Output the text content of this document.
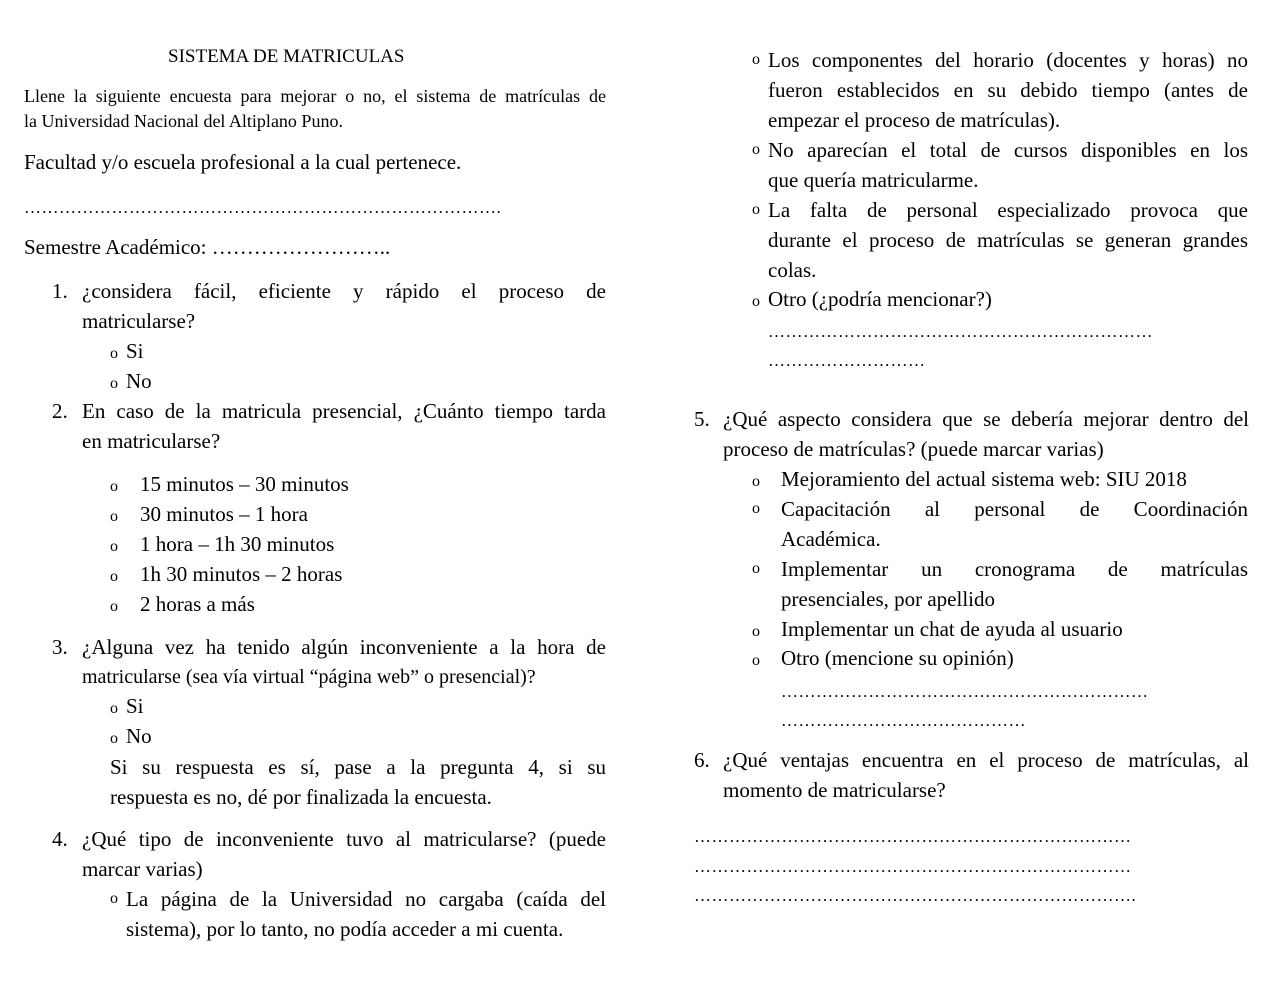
SISTEMA DE MATRICULAS
Llene la siguiente encuesta para mejorar o no, el sistema de matrículas de
la Universidad Nacional del Altiplano Puno.
Facultad y/o escuela profesional a la cual pertenece.
……………………………………………………………………….
Semestre Académico: ……………………..
1. ¿considera fácil, eficiente y rápido el proceso de
matricularse?
o Si
o No
2. En caso de la matricula presencial, ¿Cuánto tiempo tarda
en matricularse?
o 15 minutos – 30 minutos
o 30 minutos – 1 hora
o 1 hora – 1h 30 minutos
o 1h 30 minutos – 2 horas
o 2 horas a más
3. ¿Alguna vez ha tenido algún inconveniente a la hora de
matricularse (sea vía virtual “página web” o presencial)?
o Si
o No
Si su respuesta es sí, pase a la pregunta 4, si su
respuesta es no, dé por finalizada la encuesta.
4. ¿Qué tipo de inconveniente tuvo al matricularse? (puede
marcar varias)
o La página de la Universidad no cargaba (caída del
sistema), por lo tanto, no podía acceder a mi cuenta.
o Los componentes del horario (docentes y horas) no
fueron establecidos en su debido tiempo (antes de
empezar el proceso de matrículas).
o No aparecían el total de cursos disponibles en los
que quería matricularme.
o La falta de personal especializado provoca que
durante el proceso de matrículas se generan grandes
colas.
o Otro (¿podría mencionar?)
…………………………………………………………
………………………
5. ¿Qué aspecto considera que se debería mejorar dentro del
proceso de matrículas? (puede marcar varias)
o Mejoramiento del actual sistema web: SIU 2018
o Capacitación al personal de Coordinación
Académica.
o Implementar un cronograma de matrículas
presenciales, por apellido
o Implementar un chat de ayuda al usuario
o Otro (mencione su opinión)
………………………………………………………
……………………………………
6. ¿Qué ventajas encuentra en el proceso de matrículas, al
momento de matricularse?
…………………………………………………………………
…………………………………………………………………
………………………………………………………………….
